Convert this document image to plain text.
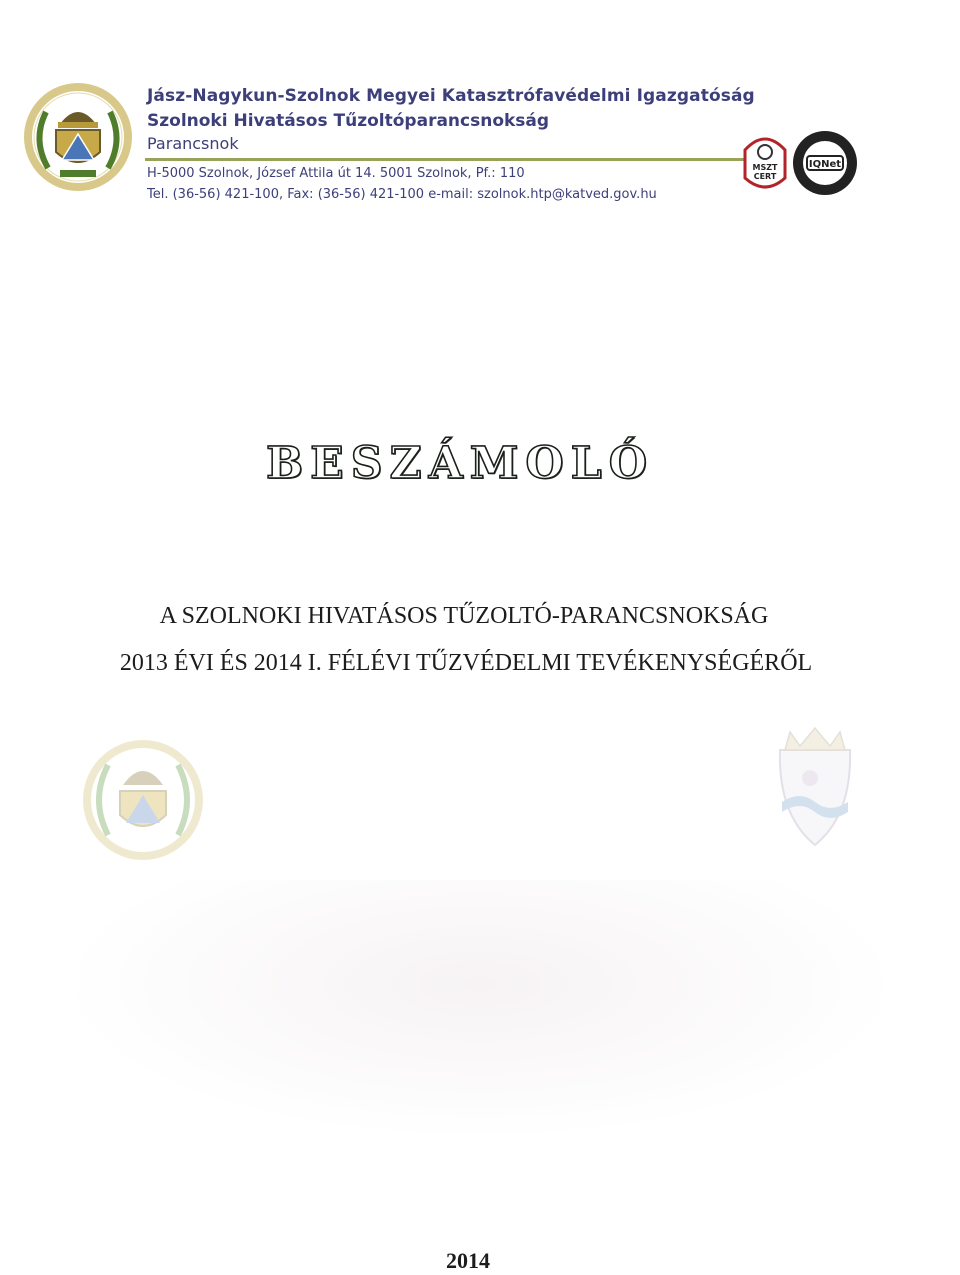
Jász-Nagykun-Szolnok Megyei Katasztrófavédelmi Igazgatóság
Szolnoki Hivatásos Tűzoltóparancsnokság
Parancsnok
H-5000 Szolnok, József Attila út 14. 5001 Szolnok, Pf.: 110
Tel. (36-56) 421-100, Fax: (36-56) 421-100 e-mail: szolnok.htp@katved.gov.hu
MSZT
CERT
IQNet
BESZÁMOLÓ
A SZOLNOKI HIVATÁSOS TŰZOLTÓ-PARANCSNOKSÁG
2013 ÉVI ÉS 2014 I. FÉLÉVI TŰZVÉDELMI TEVÉKENYSÉGÉRŐL
2014
